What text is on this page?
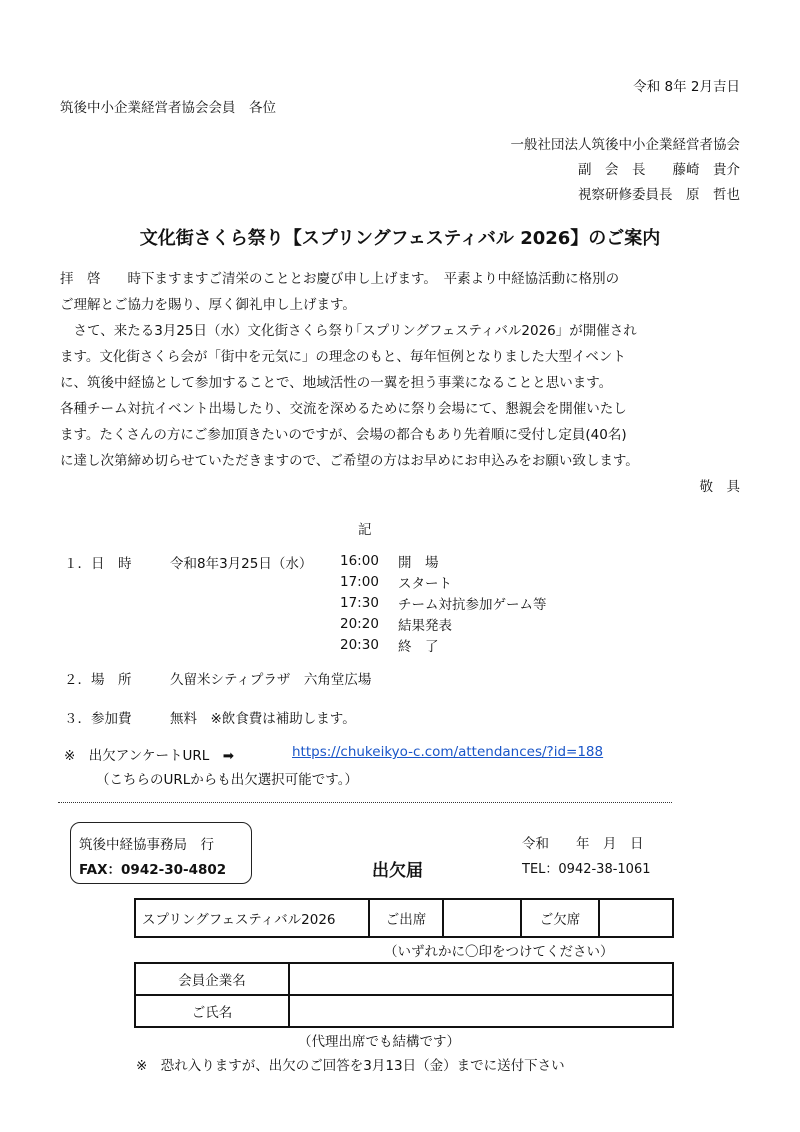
令和 8年 2月吉日
筑後中小企業経営者協会会員　各位
一般社団法人筑後中小企業経営者協会
副　会　長　　藤崎　貴介
視察研修委員長　原　哲也
文化街さくら祭り【スプリングフェスティバル 2026】のご案内

拝　啓　　時下ますますご清栄のこととお慶び申し上げます。　平素より中経協活動に格別の

ご理解とご協力を賜り、厚く御礼申し上げます。

　さて、来たる3月25日（水）文化街さくら祭り｢スプリングフェスティバル2026」が開催され

ます。文化街さくら会が「街中を元気に」の理念のもと、毎年恒例となりました大型イベント

に、筑後中経協として参加することで、地域活性の一翼を担う事業になることと思います。

各種チーム対抗イベント出場したり、交流を深めるために祭り会場にて、懇親会を開催いたし

ます。たくさんの方にご参加頂きたいのですが、会場の都合もあり先着順に受付し定員(40名)

に達し次第締め切らせていただきますので、ご希望の方はお早めにお申込みをお願い致します。

敬　具
記
１．日　時	令和8年3月25日（水） 16:00	開　場
17:00	スタート
17:30	チーム対抗参加ゲーム等
20:20	結果発表
20:30	終　了
２．場　所	久留米シティプラザ　六角堂広場
３．参加費	無料　※飲食費は補助します。
※　出欠アンケートURL　➡	https://chukeikyo-c.com/attendances/?id=188
（こちらのURLからも出欠選択可能です。）
筑後中経協事務局　行
FAX：0942-30-4802	出欠届
令和　　年　月　日
TEL：0942-38-1061
スプリングフェスティバル2026	ご出席		ご欠席	
（いずれかに〇印をつけてください）
会員企業名	
ご氏名	
（代理出席でも結構です）
※　恐れ入りますが、出欠のご回答を3月13日（金）までに送付下さい
